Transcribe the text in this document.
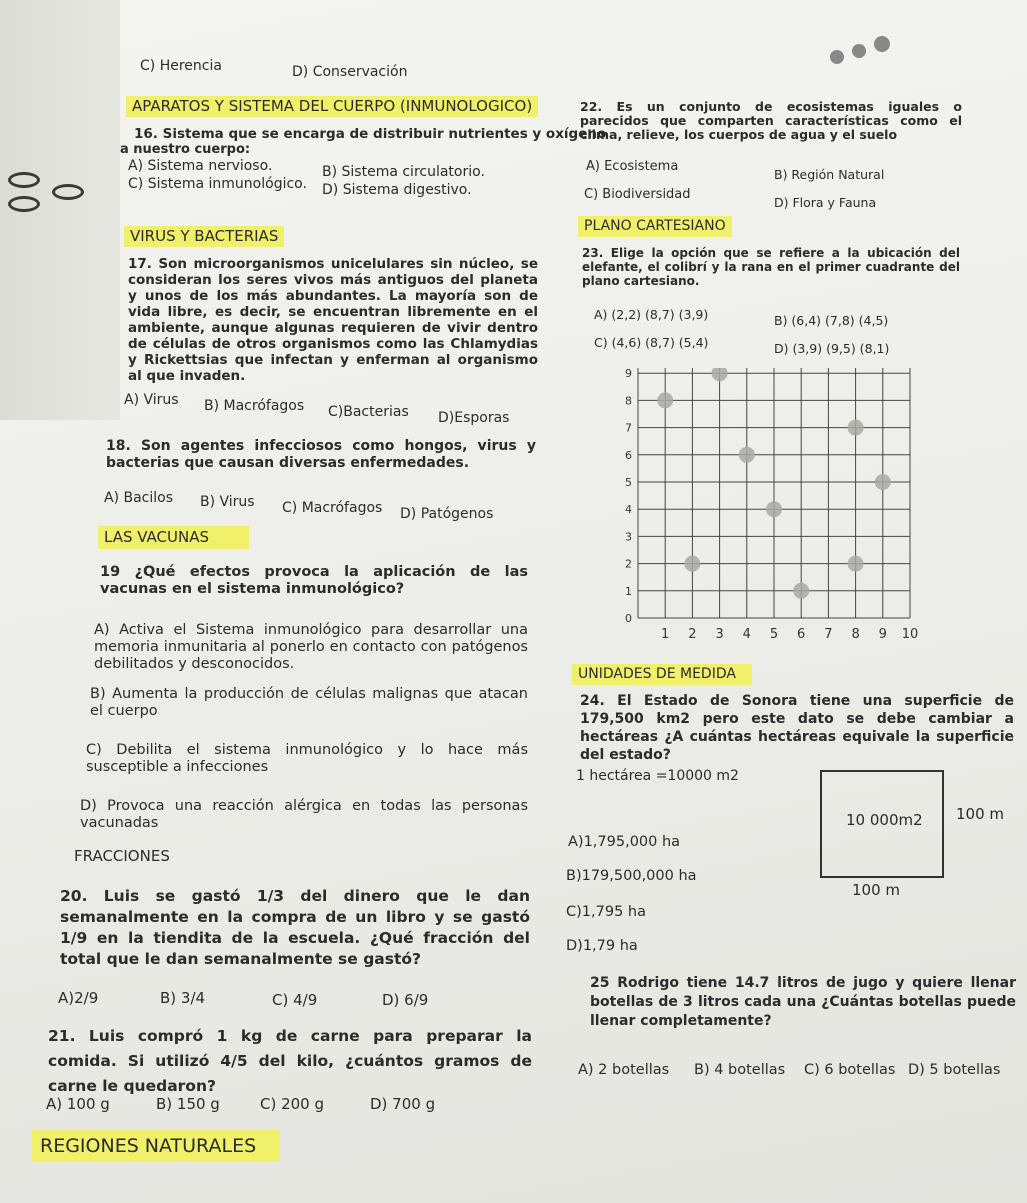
C) Herencia	D) Conservación
APARATOS Y SISTEMA DEL CUERPO (INMUNOLOGICO)
16. Sistema que se encarga de distribuir nutrientes y oxígeno
a nuestro cuerpo:
A) Sistema nervioso.	B) Sistema circulatorio.
C) Sistema inmunológico. D) Sistema digestivo.
VIRUS Y BACTERIAS
17. Son microorganismos unicelulares sin núcleo, se consideran los seres vivos más antiguos del planeta y unos de los más abundantes. La mayoría son de vida libre, es decir, se encuentran libremente en el ambiente, aunque algunas requieren de vivir dentro de células de otros organismos como las Chlamydias y Rickettsias que infectan y enferman al organismo al que invaden.
A) Virus B) Macrófagos C)Bacterias D)Esporas
18. Son agentes infecciosos como hongos, virus y bacterias que causan diversas enfermedades.
A) Bacilos B) Virus C) Macrófagos D) Patógenos
LAS VACUNAS
19 ¿Qué efectos provoca la aplicación de las vacunas en el sistema inmunológico?
A) Activa el Sistema inmunológico para desarrollar una memoria inmunitaria al ponerlo en contacto con patógenos debilitados y desconocidos.
B) Aumenta la producción de células malignas que atacan el cuerpo
C) Debilita el sistema inmunológico y lo hace más susceptible a infecciones
D) Provoca una reacción alérgica en todas las personas vacunadas
FRACCIONES
20. Luis se gastó 1/3 del dinero que le dan semanalmente en la compra de un libro y se gastó 1/9 en la tiendita de la escuela. ¿Qué fracción del total que le dan semanalmente se gastó?
A)2/9	B) 3/4	C) 4/9	D) 6/9
21. Luis compró 1 kg de carne para preparar la comida. Si utilizó 4/5 del kilo, ¿cuántos gramos de carne le quedaron?
A) 100 g	B) 150 g	C) 200 g	D) 700 g
REGIONES NATURALES
22. Es un conjunto de ecosistemas iguales o parecidos que comparten características como el clima, relieve, los cuerpos de agua y el suelo
A) Ecosistema
B) Región Natural
C) Biodiversidad
D) Flora y Fauna
PLANO CARTESIANO
23. Elige la opción que se refiere a la ubicación del elefante, el colibrí y la rana en el primer cuadrante del plano cartesiano.
A) (2,2) (8,7) (3,9)	B) (6,4) (7,8) (4,5)
C) (4,6) (8,7) (5,4)	D) (3,9) (9,5) (8,1)
1 2 3 4 5 6 7 8 9 10
0
1
2
3
4
5
6
7
8
9
UNIDADES DE MEDIDA
24. El Estado de Sonora tiene una superficie de 179,500 km2 pero este dato se debe cambiar a hectáreas ¿A cuántas hectáreas equivale la superficie del estado?
1 hectárea =10000 m2
10 000m2 100 m
100 m
A)1,795,000 ha
B)179,500,000 ha
C)1,795 ha
D)1,79 ha
25 Rodrigo tiene 14.7 litros de jugo y quiere llenar botellas de 3 litros cada una ¿Cuántas botellas puede llenar completamente?
A) 2 botellas B) 4 botellas C) 6 botellas D) 5 botellas
